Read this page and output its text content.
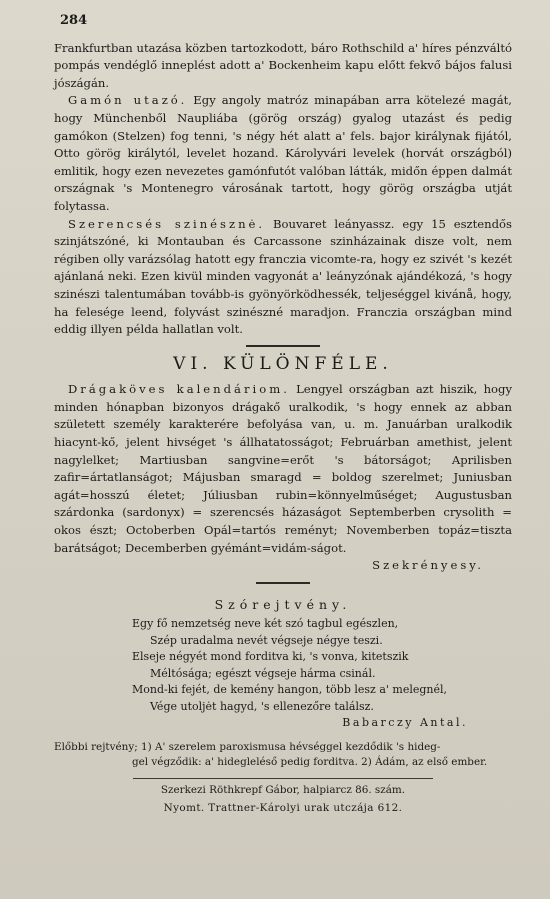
284

Frankfurtban utazása közben tartozkodott, báro Rothschild a' híres pénzváltó pompás vendéglő inneplést adott a' Bockenheim kapu előtt fekvő bájos falusi jószágán.

Gamón utazó. Egy angoly matróz minapában arra kötelezé magát, hogy Münchenből Naupliába (görög ország) gyalog utazást és pedig gamókon (Stelzen) fog tenni, 's négy hét alatt a' fels. bajor királynak fijától, Otto görög királytól, levelet hozand. Károlyvári levelek (horvát országból) emlitik, hogy ezen nevezetes gamónfutót valóban látták, midőn éppen dalmát országnak 's Montenegro városának tartott, hogy görög országba utját folytassa.

Szerencsés szinésznė. Bouvaret leányassz. egy 15 esztendős szinjátszóné, ki Montauban és Carcassone szinházainak disze volt, nem régiben olly varázsólag hatott egy franczia vicomte-ra, hogy ez szivét 's kezét ajánlaná neki. Ezen kivül minden vagyonát a' leányzónak ajándékozá, 's hogy szinészi talentumában tovább-is gyönyörködhessék, teljeséggel kivánå, hogy, ha felesége leend, folyvást szinészné maradjon. Franczia országban mind eddig illyen példa hallatlan volt.

VI. KÜLÖNFÉLE.

Drágaköves kalendáriom. Lengyel országban azt hiszik, hogy minden hónapban bizonyos drágakő uralkodik, 's hogy ennek az abban született személy karakterére befolyása van, u. m. Januárban uralkodik hiacynt-kő, jelent hivséget 's állhatatosságot; Februárban amethist, jelent nagylelket; Martiusban sangvine=erőt 's bátorságot; Aprilisben zafir=ártatlanságot; Májusban smaragd = boldog szerelmet; Juniusban agát=hosszú életet; Júliusban rubin=könnyelműséget; Augustusban szárdonka (sardonyx) = szerencsés házaságot Septemberben crysolith = okos észt; Octoberben Opál=tartós reményt; Novemberben topáz=tiszta barátságot; Decemberben gyémánt=vidám-ságot.

Szekrényesy.
Szórejtvény.
Egy fő nemzetség neve két szó tagbul egészlen,
Szép uradalma nevét végseje négye teszi.
Elseje négyét mond forditva ki, 's vonva, kitetszik
Méltósága; egészt végseje hárma csinál.
Mond-ki fejét, de kemény hangon, több lesz a' melegnél,
Vége utoljėt hagyd, 's ellenezőre találsz.
Babarczy Antal.
Előbbi rejtvény; 1) A' szerelem paroxismusa hévséggel kezdődik 's hideg-
gel végződik: a' hidegleléső pedig forditva. 2) Ádám, az első ember.
Szerkezi Röthkrepf Gábor, halpiarcz 86. szám.
Nyomt. Trattner-Károlyi urak utczája 612.
